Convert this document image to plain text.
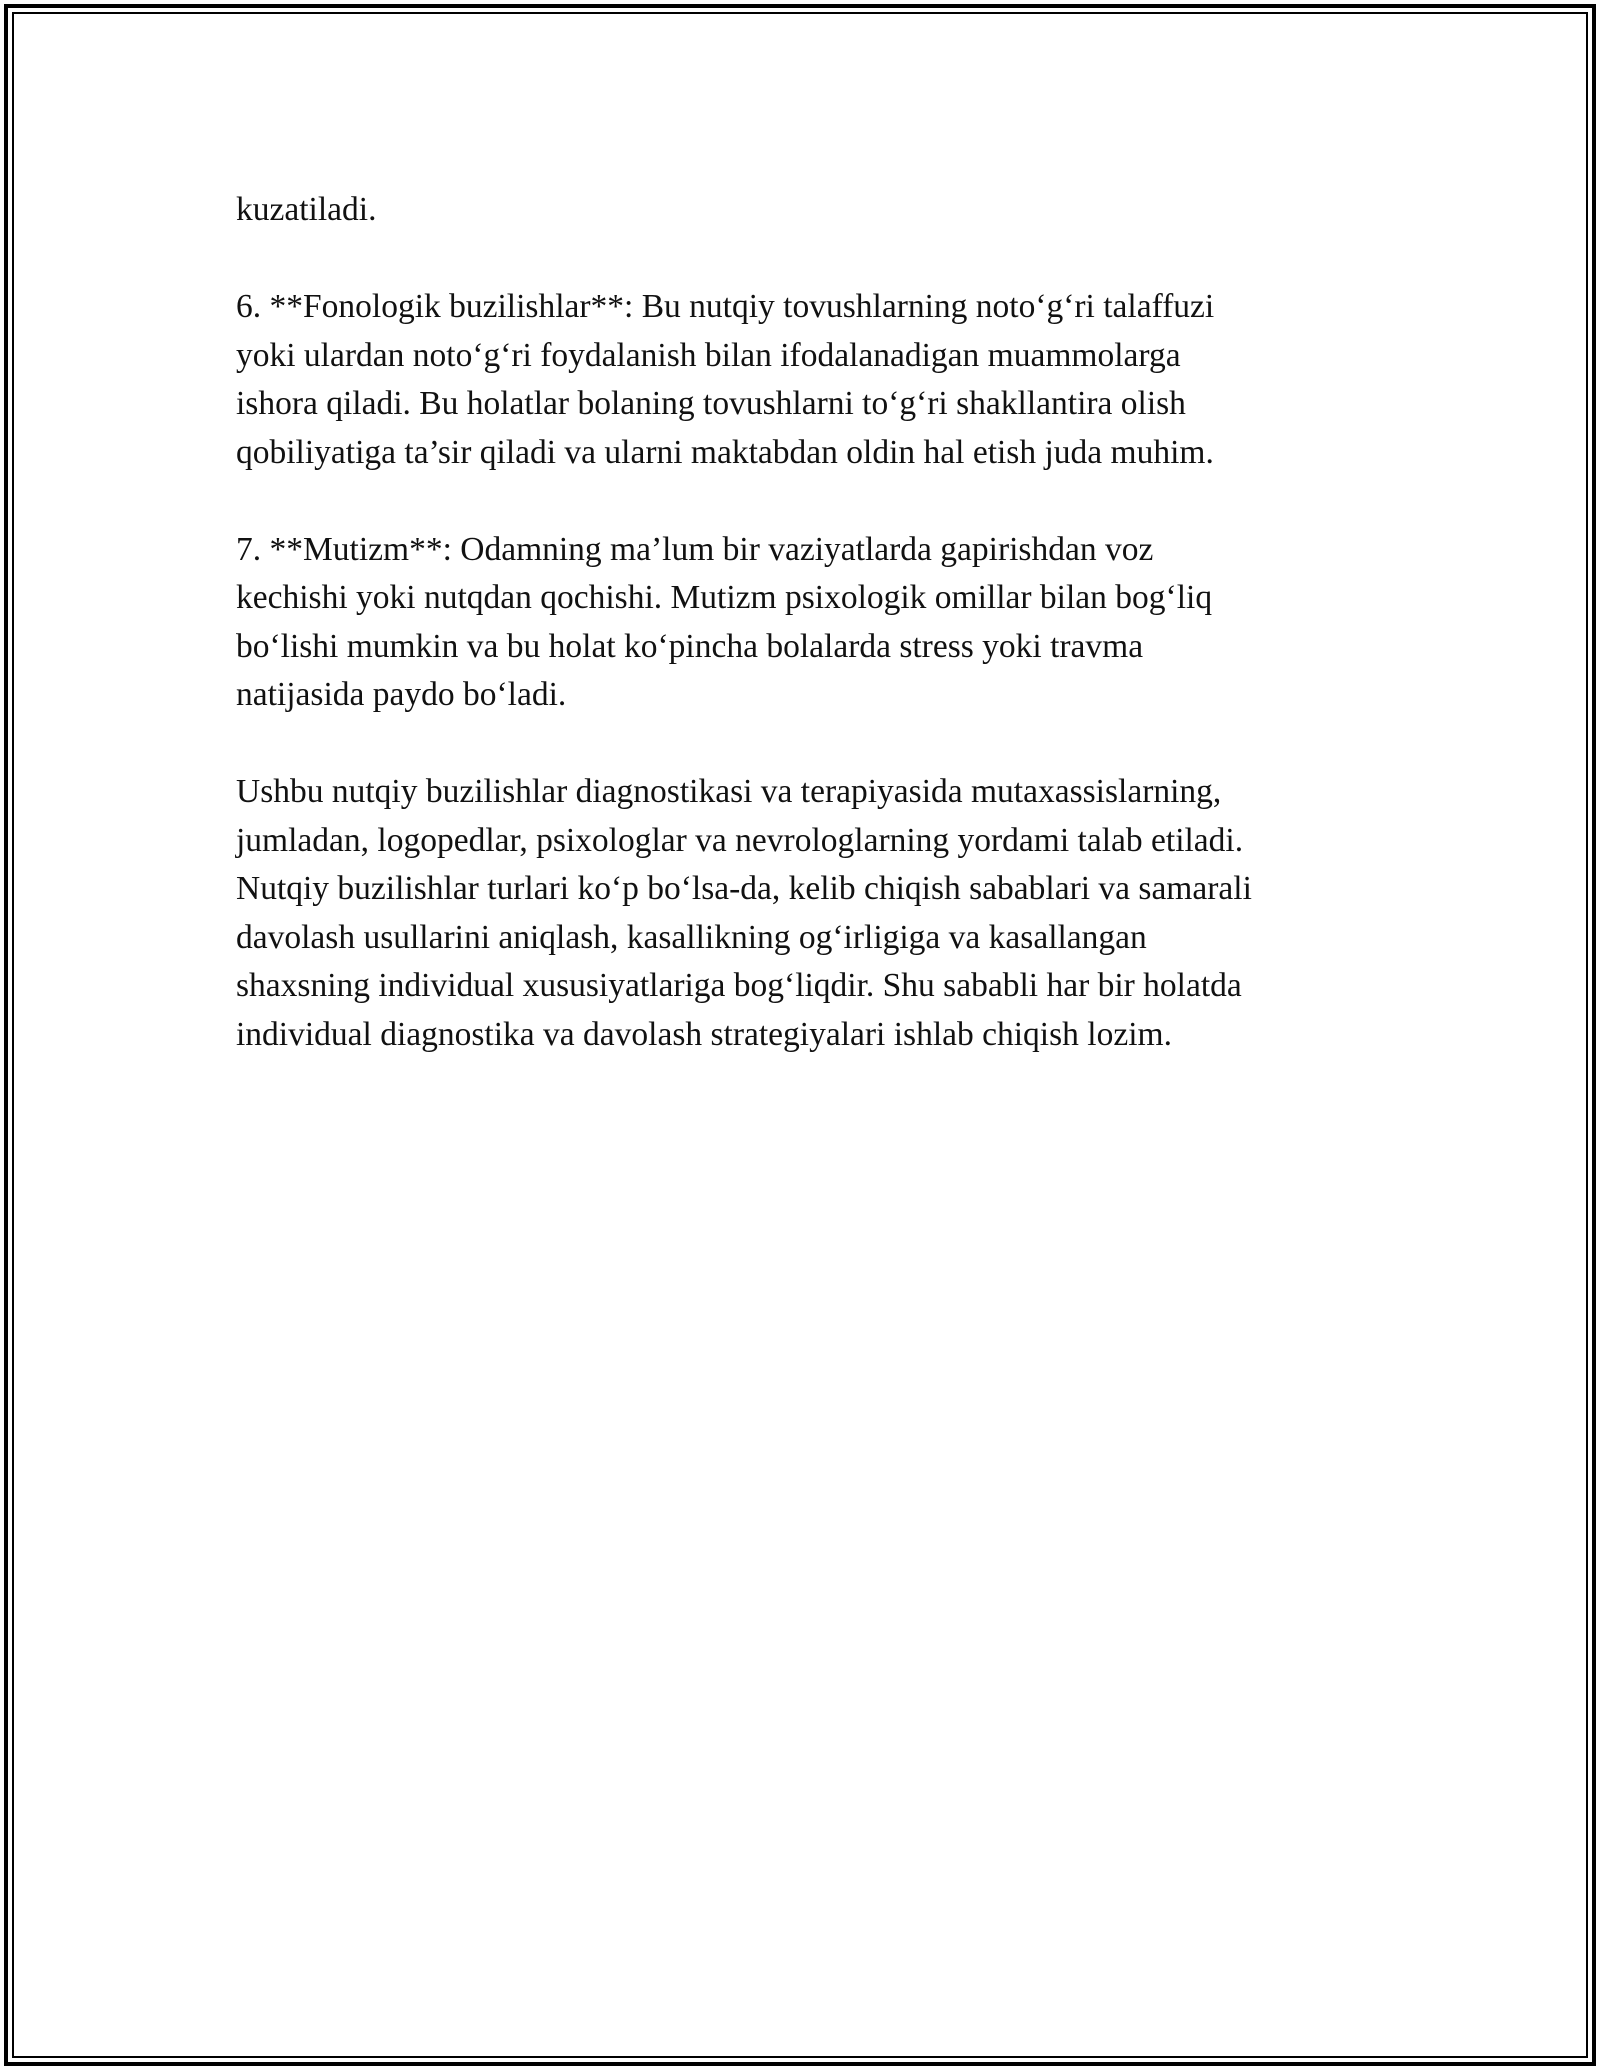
kuzatiladi.

6. **Fonologik buzilishlar**: Bu nutqiy tovushlarning noto‘g‘ri talaffuzi
yoki ulardan noto‘g‘ri foydalanish bilan ifodalanadigan muammolarga
ishora qiladi. Bu holatlar bolaning tovushlarni to‘g‘ri shakllantira olish
qobiliyatiga ta’sir qiladi va ularni maktabdan oldin hal etish juda muhim.

7. **Mutizm**: Odamning ma’lum bir vaziyatlarda gapirishdan voz
kechishi yoki nutqdan qochishi. Mutizm psixologik omillar bilan bog‘liq
bo‘lishi mumkin va bu holat ko‘pincha bolalarda stress yoki travma
natijasida paydo bo‘ladi.

Ushbu nutqiy buzilishlar diagnostikasi va terapiyasida mutaxassislarning,
jumladan, logopedlar, psixologlar va nevrologlarning yordami talab etiladi.
Nutqiy buzilishlar turlari ko‘p bo‘lsa-da, kelib chiqish sabablari va samarali
davolash usullarini aniqlash, kasallikning og‘irligiga va kasallangan
shaxsning individual xususiyatlariga bog‘liqdir. Shu sababli har bir holatda
individual diagnostika va davolash strategiyalari ishlab chiqish lozim.
